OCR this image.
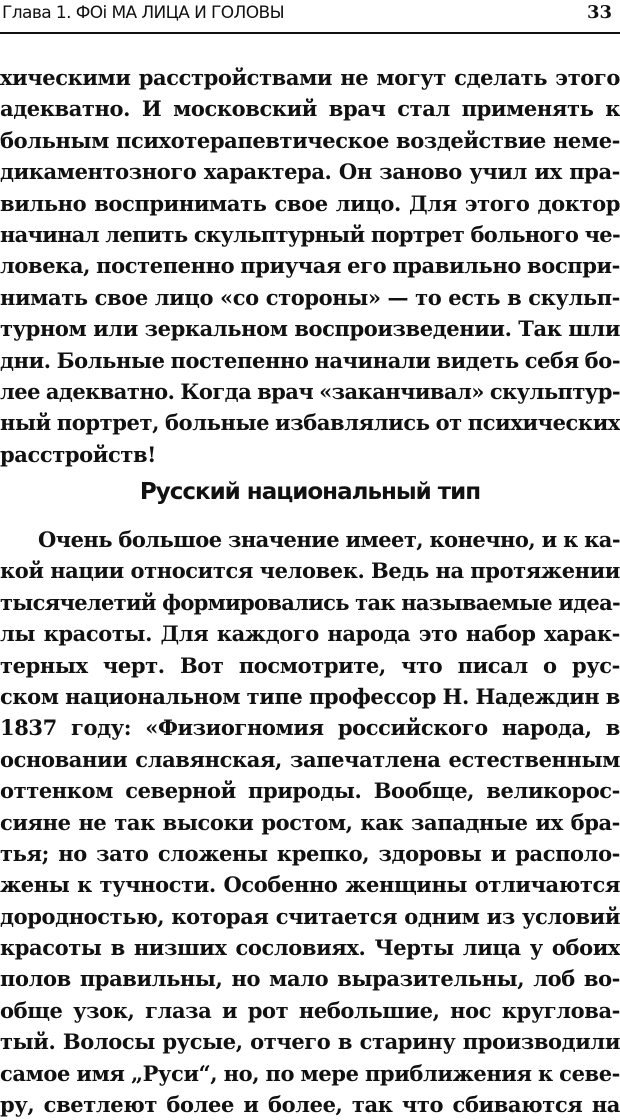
Глава 1. ФОі МА ЛИЦА И ГОЛОВЫ	33
хическими расстройствами не могут сделать этого
адекватно. И московский врач стал применять к
больным психотерапевтическое воздействие неме-
дикаментозного характера. Он заново учил их пра-
вильно воспринимать свое лицо. Для этого доктор
начинал лепить скульптурный портрет больного че-
ловека, постепенно приучая его правильно воспри-
нимать свое лицо «со стороны» — то есть в скульп-
турном или зеркальном воспроизведении. Так шли
дни. Больные постепенно начинали видеть себя бо-
лее адекватно. Когда врач «заканчивал» скульптур-
ный портрет, больные избавлялись от психических
расстройств!
Русский национальный тип
Очень большое значение имеет, конечно, и к ка-
кой нации относится человек. Ведь на протяжении
тысячелетий формировались так называемые идеа-
лы красоты. Для каждого народа это набор харак-
терных черт. Вот посмотрите, что писал о рус-
ском национальном типе профессор Н. Надеждин в
1837 году: «Физиогномия российского народа, в
основании славянская, запечатлена естественным
оттенком северной природы. Вообще, великорос-
сияне не так высоки ростом, как западные их бра-
тья; но зато сложены крепко, здоровы и располо-
жены к тучности. Особенно женщины отличаются
дородностью, которая считается одним из условий
красоты в низших сословиях. Черты лица у обоих
полов правильны, но мало выразительны, лоб во-
обще узок, глаза и рот небольшие, нос круглова-
тый. Волосы русые, отчего в старину производили
самое имя „Руси“, но, по мере приближения к севе-
ру, светлеют более и более, так что сбиваются на
